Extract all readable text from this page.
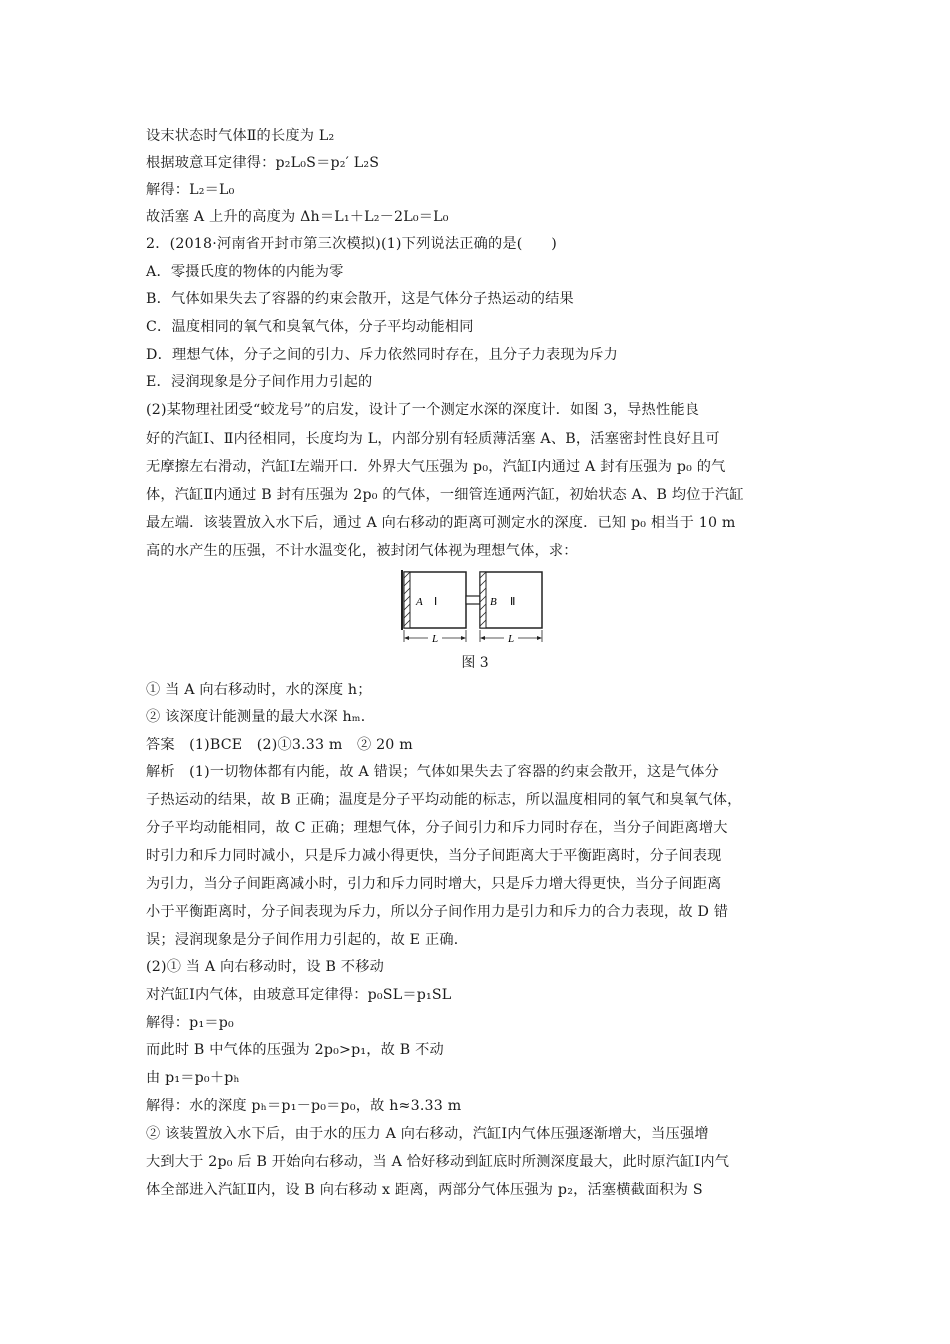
设末状态时气体Ⅱ的长度为 L₂
根据玻意耳定律得：p₂L₀S＝p₂′ L₂S
解得：L₂＝L₀
故活塞 A 上升的高度为 Δh＝L₁＋L₂－2L₀＝L₀
2．(2018·河南省开封市第三次模拟)(1)下列说法正确的是(　　)
A．零摄氏度的物体的内能为零
B．气体如果失去了容器的约束会散开，这是气体分子热运动的结果
C．温度相同的氧气和臭氧气体，分子平均动能相同
D．理想气体，分子之间的引力、斥力依然同时存在，且分子力表现为斥力
E．浸润现象是分子间作用力引起的
(2)某物理社团受“蛟龙号”的启发，设计了一个测定水深的深度计．如图 3，导热性能良
好的汽缸Ⅰ、Ⅱ内径相同，长度均为 L，内部分别有轻质薄活塞 A、B，活塞密封性良好且可
无摩擦左右滑动，汽缸Ⅰ左端开口．外界大气压强为 p₀，汽缸Ⅰ内通过 A 封有压强为 p₀ 的气
体，汽缸Ⅱ内通过 B 封有压强为 2p₀ 的气体，一细管连通两汽缸，初始状态 A、B 均位于汽缸
最左端．该装置放入水下后，通过 A 向右移动的距离可测定水的深度．已知 p₀ 相当于 10 m
高的水产生的压强，不计水温变化，被封闭气体视为理想气体，求：
A Ⅰ	B Ⅱ
L	L
图 3
① 当 A 向右移动时，水的深度 h；
② 该深度计能测量的最大水深 hₘ．
答案　(1)BCE　(2)①3.33 m　② 20 m
解析　(1)一切物体都有内能，故 A 错误；气体如果失去了容器的约束会散开，这是气体分
子热运动的结果，故 B 正确；温度是分子平均动能的标志，所以温度相同的氧气和臭氧气体，
分子平均动能相同，故 C 正确；理想气体，分子间引力和斥力同时存在，当分子间距离增大
时引力和斥力同时减小，只是斥力减小得更快，当分子间距离大于平衡距离时，分子间表现
为引力，当分子间距离减小时，引力和斥力同时增大，只是斥力增大得更快，当分子间距离
小于平衡距离时，分子间表现为斥力，所以分子间作用力是引力和斥力的合力表现，故 D 错
误；浸润现象是分子间作用力引起的，故 E 正确．
(2)① 当 A 向右移动时，设 B 不移动
对汽缸Ⅰ内气体，由玻意耳定律得：p₀SL＝p₁SL
解得：p₁＝p₀
而此时 B 中气体的压强为 2p₀>p₁，故 B 不动
由 p₁＝p₀＋pₕ
解得：水的深度 pₕ＝p₁－p₀＝p₀，故 h≈3.33 m
② 该装置放入水下后，由于水的压力 A 向右移动，汽缸Ⅰ内气体压强逐渐增大，当压强增
大到大于 2p₀ 后 B 开始向右移动，当 A 恰好移动到缸底时所测深度最大，此时原汽缸Ⅰ内气
体全部进入汽缸Ⅱ内，设 B 向右移动 x 距离，两部分气体压强为 p₂，活塞横截面积为 S
